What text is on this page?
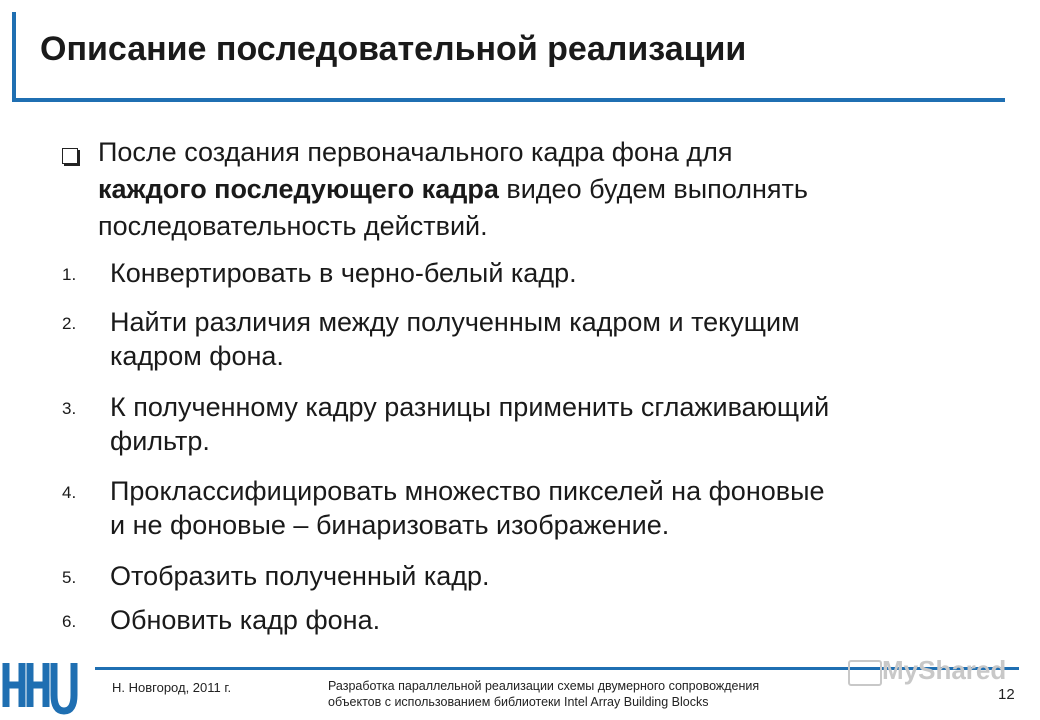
Описание последовательной реализации
После создания первоначального кадра фона для
каждого последующего кадра видео будем выполнять
последовательность действий.
1. Конвертировать в черно-белый кадр.
2. Найти различия между полученным кадром и текущим
кадром фона.
3. К полученному кадру разницы применить сглаживающий
фильтр.
4. Проклассифицировать множество пикселей на фоновые
и не фоновые – бинаризовать изображение.
5. Отобразить полученный кадр.
6. Обновить кадр фона.
Н. Новгород, 2011 г.	Разработка параллельной реализации схемы двумерного сопровождения
объектов с использованием библиотеки Intel Array Building Blocks
MyShared
12
